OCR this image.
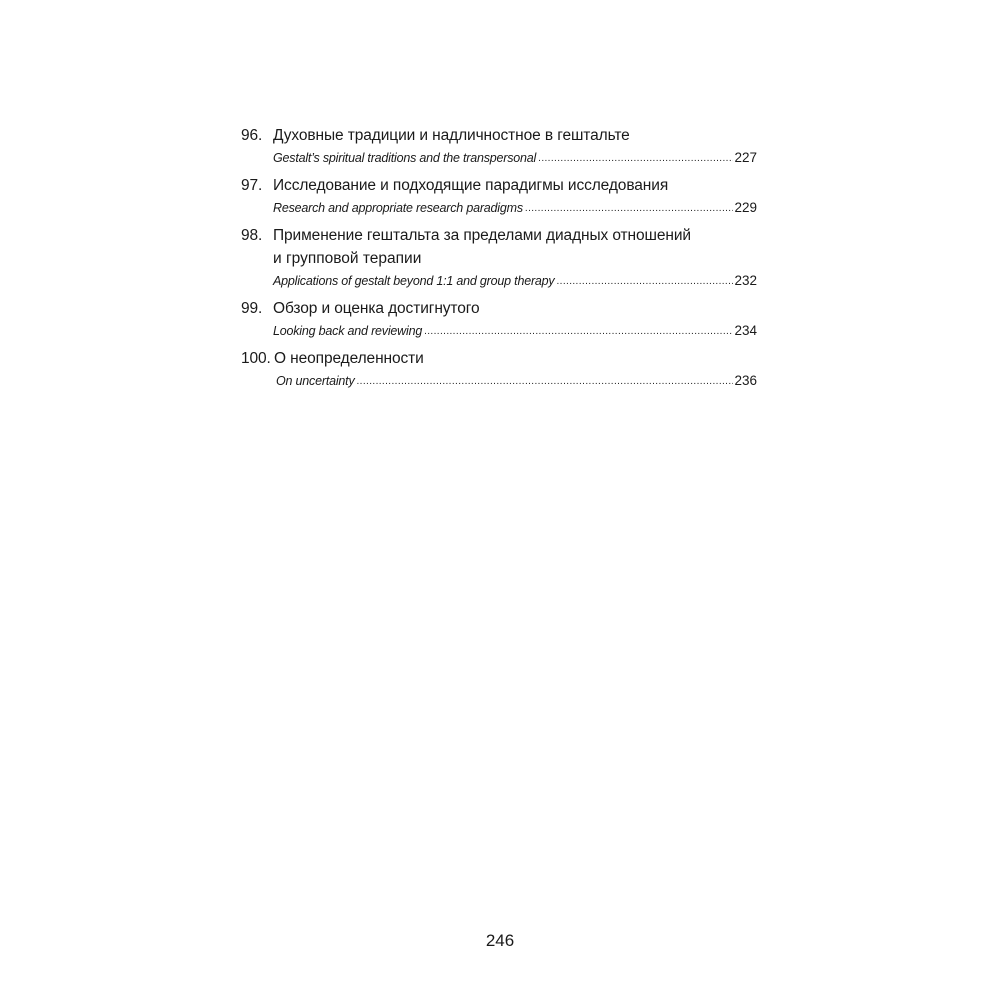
96. Духовные традиции и надличностное в гештальте
Gestalt’s spiritual traditions and the transpersonal .....	227
97. Исследование и подходящие парадигмы исследования
Research and appropriate research paradigms .....	229
98. Применение гештальта за пределами диадных отношений
и групповой терапии
Applications of gestalt beyond 1:1 and group therapy .....	232
99. Обзор и оценка достигнутого
Looking back and reviewing .....	234
100. О неопределенности
On uncertainty .....	236
246
